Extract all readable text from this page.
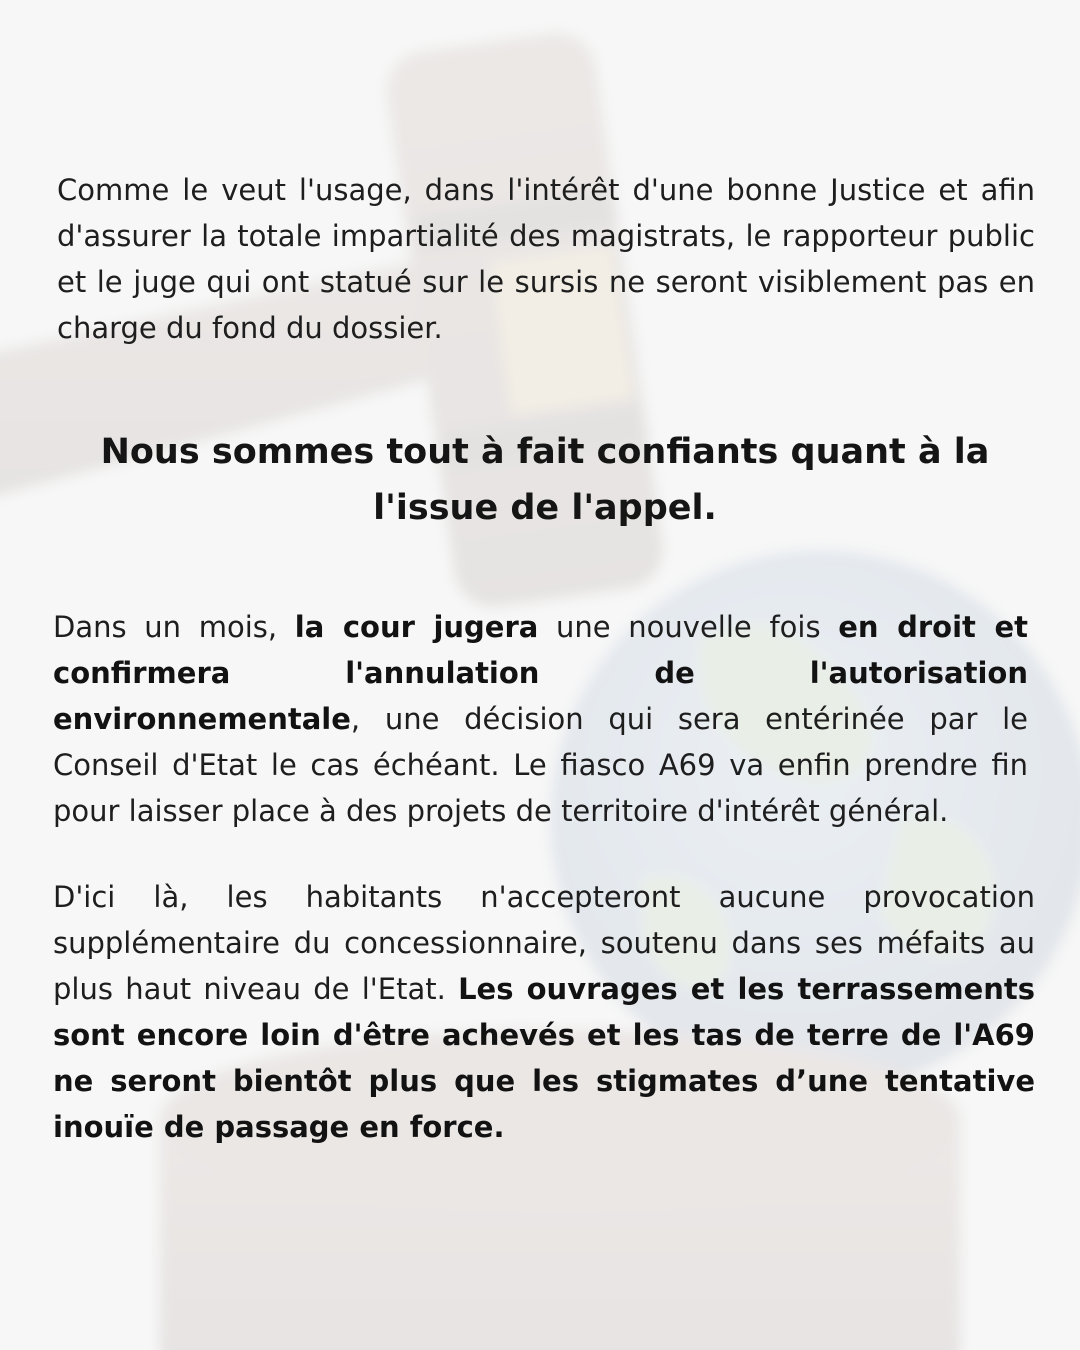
Comme le veut l'usage, dans l'intérêt d'une bonne Justice et afin d'assurer la totale impartialité des magistrats, le rapporteur public et le juge qui ont statué sur le sursis ne seront visiblement pas en charge du fond du dossier.

Nous sommes tout à fait confiants quant à la l'issue de l'appel.

Dans un mois, la cour jugera une nouvelle fois en droit et confirmera l'annulation de l'autorisation environnementale, une décision qui sera entérinée par le Conseil d'Etat le cas échéant. Le fiasco A69 va enfin prendre fin pour laisser place à des projets de territoire d'intérêt général.

D'ici là, les habitants n'accepteront aucune provocation supplémentaire du concessionnaire, soutenu dans ses méfaits au plus haut niveau de l'Etat. Les ouvrages et les terrassements sont encore loin d'être achevés et les tas de terre de l'A69 ne seront bientôt plus que les stigmates d’une tentative inouïe de passage en force.
